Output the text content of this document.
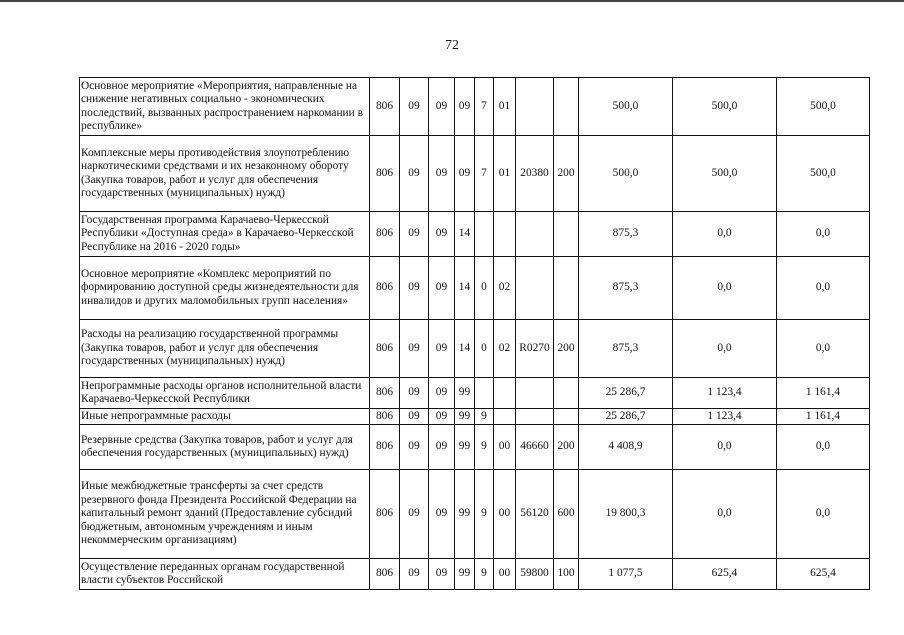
72
Основное мероприятие «Мероприятия, направленные на снижение негативных социально - экономических последствий, вызванных распространением наркомании в республике»	806	09	09	09	7	01			500,0	500,0	500,0
Комплексные меры противодействия злоупотреблению наркотическими средствами и их незаконному обороту (Закупка товаров, работ и услуг для обеспечения государственных (муниципальных) нужд)	806	09	09	09	7	01	20380	200	500,0	500,0	500,0
Государственная программа Карачаево-Черкесской Республики «Доступная среда» в Карачаево-Черкесской Республике на 2016 - 2020 годы»	806	09	09	14					875,3	0,0	0,0
Основное мероприятие «Комплекс мероприятий по формированию доступной среды жизнедеятельности для инвалидов и других маломобильных групп населения»	806	09	09	14	0	02			875,3	0,0	0,0
Расходы на реализацию государственной программы (Закупка товаров, работ и услуг для обеспечения государственных (муниципальных) нужд)	806	09	09	14	0	02	R0270	200	875,3	0,0	0,0
Непрограммные расходы органов исполнительной власти Карачаево-Черкесской Республики	806	09	09	99					25 286,7	1 123,4	1 161,4
Иные непрограммные расходы	806	09	09	99	9				25 286,7	1 123,4	1 161,4
Резервные средства (Закупка товаров, работ и услуг для обеспечения государственных (муниципальных) нужд)	806	09	09	99	9	00	46660	200	4 408,9	0,0	0,0
Иные межбюджетные трансферты за счет средств резервного фонда Президента Российской Федерации на капитальный ремонт зданий (Предоставление субсидий бюджетным, автономным учреждениям и иным некоммерческим организациям)	806	09	09	99	9	00	56120	600	19 800,3	0,0	0,0
Осуществление переданных органам государственной власти субъектов Российской	806	09	09	99	9	00	59800	100	1 077,5	625,4	625,4
